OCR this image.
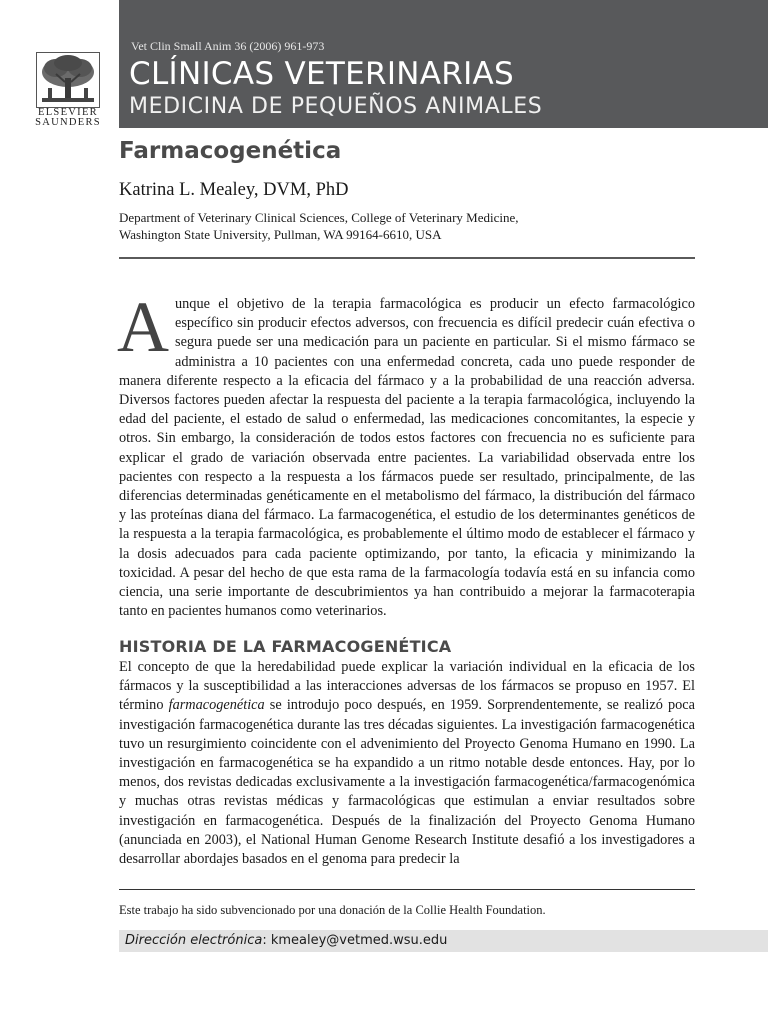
ELSEVIER
SAUNDERS
Vet Clin Small Anim 36 (2006) 961-973
CLÍNICAS VETERINARIAS
MEDICINA DE PEQUEÑOS ANIMALES
Farmacogenética
Katrina L. Mealey, DVM, PhD
Department of Veterinary Clinical Sciences, College of Veterinary Medicine,
Washington State University, Pullman, WA 99164-6610, USA

Aunque el objetivo de la terapia farmacológica es producir un efecto farmacológico específico sin producir efectos adversos, con frecuencia es difícil predecir cuán efectiva o segura puede ser una medicación para un paciente en particular. Si el mismo fármaco se administra a 10 pacientes con una enfermedad concreta, cada uno puede responder de manera diferente respecto a la eficacia del fármaco y a la probabilidad de una reacción adversa. Diversos factores pueden afectar la respuesta del paciente a la terapia farmacológica, incluyendo la edad del paciente, el estado de salud o enfermedad, las medicaciones concomitantes, la especie y otros. Sin embargo, la consideración de todos estos factores con frecuencia no es suficiente para explicar el grado de variación observada entre pacientes. La variabilidad observada entre los pacientes con respecto a la respuesta a los fármacos puede ser resultado, principalmente, de las diferencias determinadas genéticamente en el metabolismo del fármaco, la distribución del fármaco y las proteínas diana del fármaco. La farmacogenética, el estudio de los determinantes genéticos de la respuesta a la terapia farmacológica, es probablemente el último modo de establecer el fármaco y la dosis adecuados para cada paciente optimizando, por tanto, la eficacia y minimizando la toxicidad. A pesar del hecho de que esta rama de la farmacología todavía está en su infancia como ciencia, una serie importante de descubrimientos ya han contribuido a mejorar la farmacoterapia tanto en pacientes humanos como veterinarios.

HISTORIA DE LA FARMACOGENÉTICA

El concepto de que la heredabilidad puede explicar la variación individual en la eficacia de los fármacos y la susceptibilidad a las interacciones adversas de los fármacos se propuso en 1957. El término farmacogenética se introdujo poco después, en 1959. Sorprendentemente, se realizó poca investigación farmacogenética durante las tres décadas siguientes. La investigación farmacogenética tuvo un resurgimiento coincidente con el advenimiento del Proyecto Genoma Humano en 1990. La investigación en farmacogenética se ha expandido a un ritmo notable desde entonces. Hay, por lo menos, dos revistas dedicadas exclusivamente a la investigación farmacogenética/farmacogenómica y muchas otras revistas médicas y farmacológicas que estimulan a enviar resultados sobre investigación en farmacogenética. Después de la finalización del Proyecto Genoma Humano (anunciada en 2003), el National Human Genome Research Institute desafió a los investigadores a desarrollar abordajes basados en el genoma para predecir la

Este trabajo ha sido subvencionado por una donación de la Collie Health Foundation.
Dirección electrónica: kmealey@vetmed.wsu.edu
